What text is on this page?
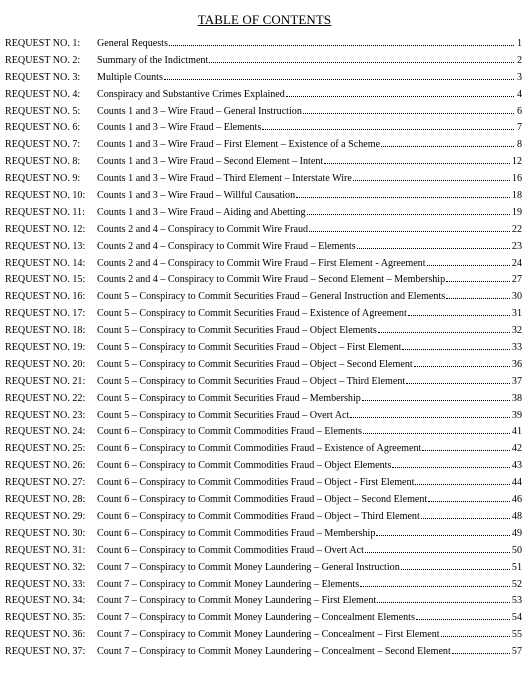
TABLE OF CONTENTS
REQUEST NO. 1:	General Requests	1
REQUEST NO. 2:	Summary of the Indictment	2
REQUEST NO. 3:	Multiple Counts	3
REQUEST NO. 4:	Conspiracy and Substantive Crimes Explained	4
REQUEST NO. 5:	Counts 1 and 3 – Wire Fraud – General Instruction	6
REQUEST NO. 6:	Counts 1 and 3 – Wire Fraud – Elements	7
REQUEST NO. 7:	Counts 1 and 3 – Wire Fraud – First Element – Existence of a Scheme	8
REQUEST NO. 8:	Counts 1 and 3 – Wire Fraud – Second Element – Intent	12
REQUEST NO. 9:	Counts 1 and 3 – Wire Fraud – Third Element – Interstate Wire	16
REQUEST NO. 10:	Counts 1 and 3 – Wire Fraud – Willful Causation	18
REQUEST NO. 11:	Counts 1 and 3 – Wire Fraud – Aiding and Abetting	19
REQUEST NO. 12:	Counts 2 and 4 – Conspiracy to Commit Wire Fraud	22
REQUEST NO. 13:	Counts 2 and 4 – Conspiracy to Commit Wire Fraud – Elements	23
REQUEST NO. 14:	Counts 2 and 4 – Conspiracy to Commit Wire Fraud – First Element - Agreement	24
REQUEST NO. 15:	Counts 2 and 4 – Conspiracy to Commit Wire Fraud – Second Element – Membership	27
REQUEST NO. 16:	Count 5 – Conspiracy to Commit Securities Fraud – General Instruction and Elements	30
REQUEST NO. 17:	Count 5 – Conspiracy to Commit Securities Fraud – Existence of Agreement	31
REQUEST NO. 18:	Count 5 – Conspiracy to Commit Securities Fraud – Object Elements	32
REQUEST NO. 19:	Count 5 – Conspiracy to Commit Securities Fraud – Object – First Element	33
REQUEST NO. 20:	Count 5 – Conspiracy to Commit Securities Fraud – Object – Second Element	36
REQUEST NO. 21:	Count 5 – Conspiracy to Commit Securities Fraud – Object – Third Element	37
REQUEST NO. 22:	Count 5 – Conspiracy to Commit Securities Fraud – Membership	38
REQUEST NO. 23:	Count 5 – Conspiracy to Commit Securities Fraud – Overt Act	39
REQUEST NO. 24:	Count 6 – Conspiracy to Commit Commodities Fraud – Elements	41
REQUEST NO. 25:	Count 6 – Conspiracy to Commit Commodities Fraud – Existence of Agreement	42
REQUEST NO. 26:	Count 6 – Conspiracy to Commit Commodities Fraud – Object Elements	43
REQUEST NO. 27:	Count 6 – Conspiracy to Commit Commodities Fraud – Object - First Element	44
REQUEST NO. 28:	Count 6 – Conspiracy to Commit Commodities Fraud – Object – Second Element	46
REQUEST NO. 29:	Count 6 – Conspiracy to Commit Commodities Fraud – Object – Third Element	48
REQUEST NO. 30:	Count 6 – Conspiracy to Commit Commodities Fraud – Membership	49
REQUEST NO. 31:	Count 6 – Conspiracy to Commit Commodities Fraud – Overt Act	50
REQUEST NO. 32:	Count 7 – Conspiracy to Commit Money Laundering – General Instruction	51
REQUEST NO. 33:	Count 7 – Conspiracy to Commit Money Laundering – Elements	52
REQUEST NO. 34:	Count 7 – Conspiracy to Commit Money Laundering – First Element	53
REQUEST NO. 35:	Count 7 – Conspiracy to Commit Money Laundering – Concealment Elements	54
REQUEST NO. 36:	Count 7 – Conspiracy to Commit Money Laundering – Concealment – First Element	55
REQUEST NO. 37:	Count 7 – Conspiracy to Commit Money Laundering – Concealment – Second Element	57
